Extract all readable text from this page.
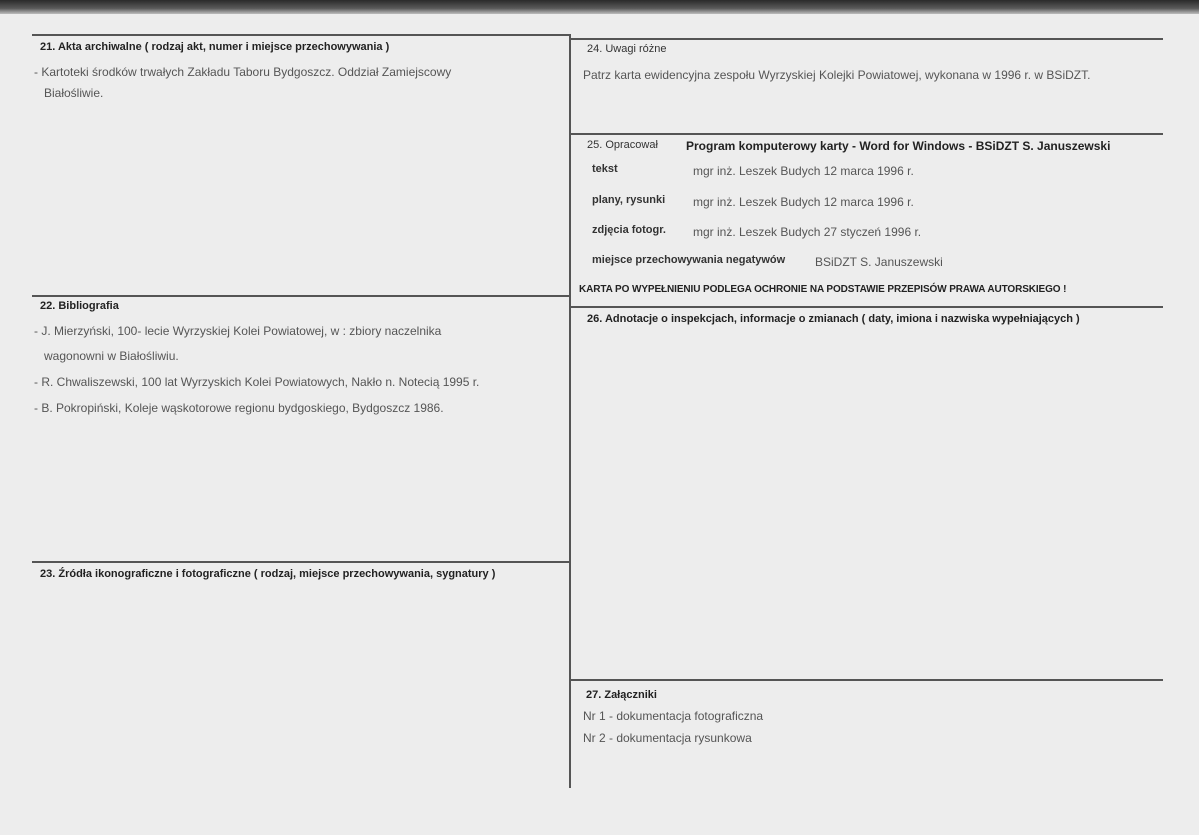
21. Akta archiwalne ( rodzaj akt, numer i miejsce przechowywania )
- Kartoteki środków trwałych Zakładu Taboru Bydgoszcz. Oddział Zamiejscowy
Białośliwie.
22. Bibliografia
- J. Mierzyński, 100- lecie Wyrzyskiej Kolei Powiatowej, w : zbiory naczelnika
wagonowni w Białośliwiu.
- R. Chwaliszewski, 100 lat Wyrzyskich Kolei Powiatowych, Nakło n. Notecią 1995 r.
- B. Pokropiński, Koleje wąskotorowe regionu bydgoskiego, Bydgoszcz 1986.
23. Źródła ikonograficzne i fotograficzne ( rodzaj, miejsce przechowywania, sygnatury )
24. Uwagi różne
Patrz karta ewidencyjna zespołu Wyrzyskiej Kolejki Powiatowej, wykonana w 1996 r. w BSiDZT.
25. Opracował Program komputerowy karty - Word for Windows - BSiDZT S. Januszewski
tekst	mgr inż. Leszek Budych 12 marca 1996 r.
plany, rysunki mgr inż. Leszek Budych 12 marca 1996 r.
zdjęcia fotogr. mgr inż. Leszek Budych 27 styczeń 1996 r.
miejsce przechowywania negatywów BSiDZT S. Januszewski
KARTA PO WYPEŁNIENIU PODLEGA OCHRONIE NA PODSTAWIE PRZEPISÓW PRAWA AUTORSKIEGO !
26. Adnotacje o inspekcjach, informacje o zmianach ( daty, imiona i nazwiska wypełniających )
27. Załączniki
Nr 1 - dokumentacja fotograficzna
Nr 2 - dokumentacja rysunkowa
